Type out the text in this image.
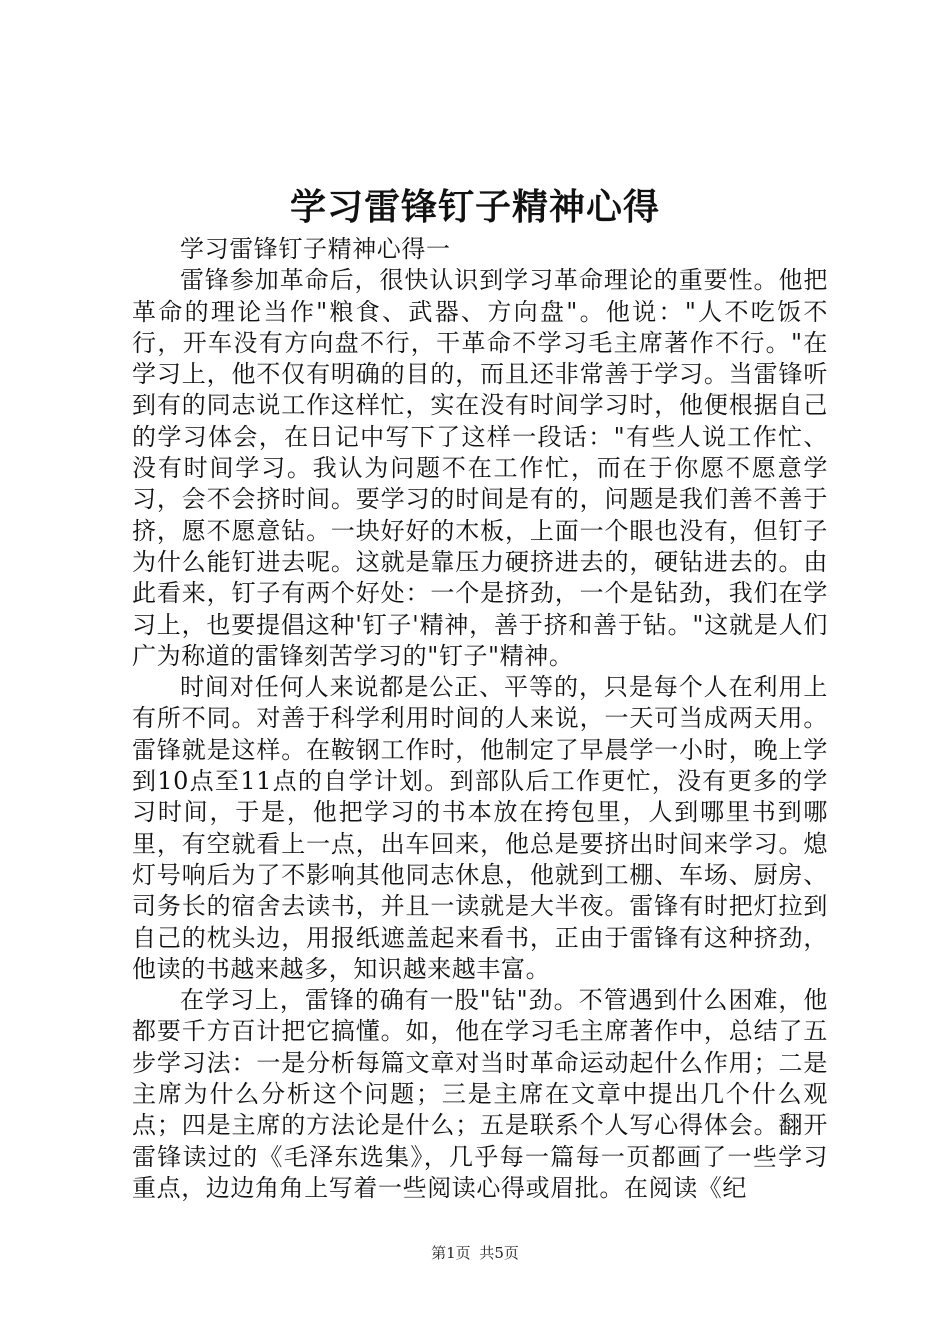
学习雷锋钉子精神心得

学习雷锋钉子精神心得一

雷锋参加革命后，很快认识到学习革命理论的重要性。他把革命的理论当作"粮食、武器、方向盘"。他说："人不吃饭不行，开车没有方向盘不行，干革命不学习毛主席著作不行。"在学习上，他不仅有明确的目的，而且还非常善于学习。当雷锋听到有的同志说工作这样忙，实在没有时间学习时，他便根据自己的学习体会，在日记中写下了这样一段话："有些人说工作忙、没有时间学习。我认为问题不在工作忙，而在于你愿不愿意学习，会不会挤时间。要学习的时间是有的，问题是我们善不善于挤，愿不愿意钻。一块好好的木板，上面一个眼也没有，但钉子为什么能钉进去呢。这就是靠压力硬挤进去的，硬钻进去的。由此看来，钉子有两个好处：一个是挤劲，一个是钻劲，我们在学习上，也要提倡这种'钉子'精神，善于挤和善于钻。"这就是人们广为称道的雷锋刻苦学习的"钉子"精神。

时间对任何人来说都是公正、平等的，只是每个人在利用上有所不同。对善于科学利用时间的人来说，一天可当成两天用。雷锋就是这样。在鞍钢工作时，他制定了早晨学一小时，晚上学到10点至11点的自学计划。到部队后工作更忙，没有更多的学习时间，于是，他把学习的书本放在挎包里，人到哪里书到哪里，有空就看上一点，出车回来，他总是要挤出时间来学习。熄灯号响后为了不影响其他同志休息，他就到工棚、车场、厨房、司务长的宿舍去读书，并且一读就是大半夜。雷锋有时把灯拉到自己的枕头边，用报纸遮盖起来看书，正由于雷锋有这种挤劲，他读的书越来越多，知识越来越丰富。

在学习上，雷锋的确有一股"钻"劲。不管遇到什么困难，他都要千方百计把它搞懂。如，他在学习毛主席著作中，总结了五步学习法：一是分析每篇文章对当时革命运动起什么作用；二是主席为什么分析这个问题；三是主席在文章中提出几个什么观点；四是主席的方法论是什么；五是联系个人写心得体会。翻开雷锋读过的《毛泽东选集》，几乎每一篇每一页都画了一些学习重点，边边角角上写着一些阅读心得或眉批。在阅读《纪

第1页 共5页
